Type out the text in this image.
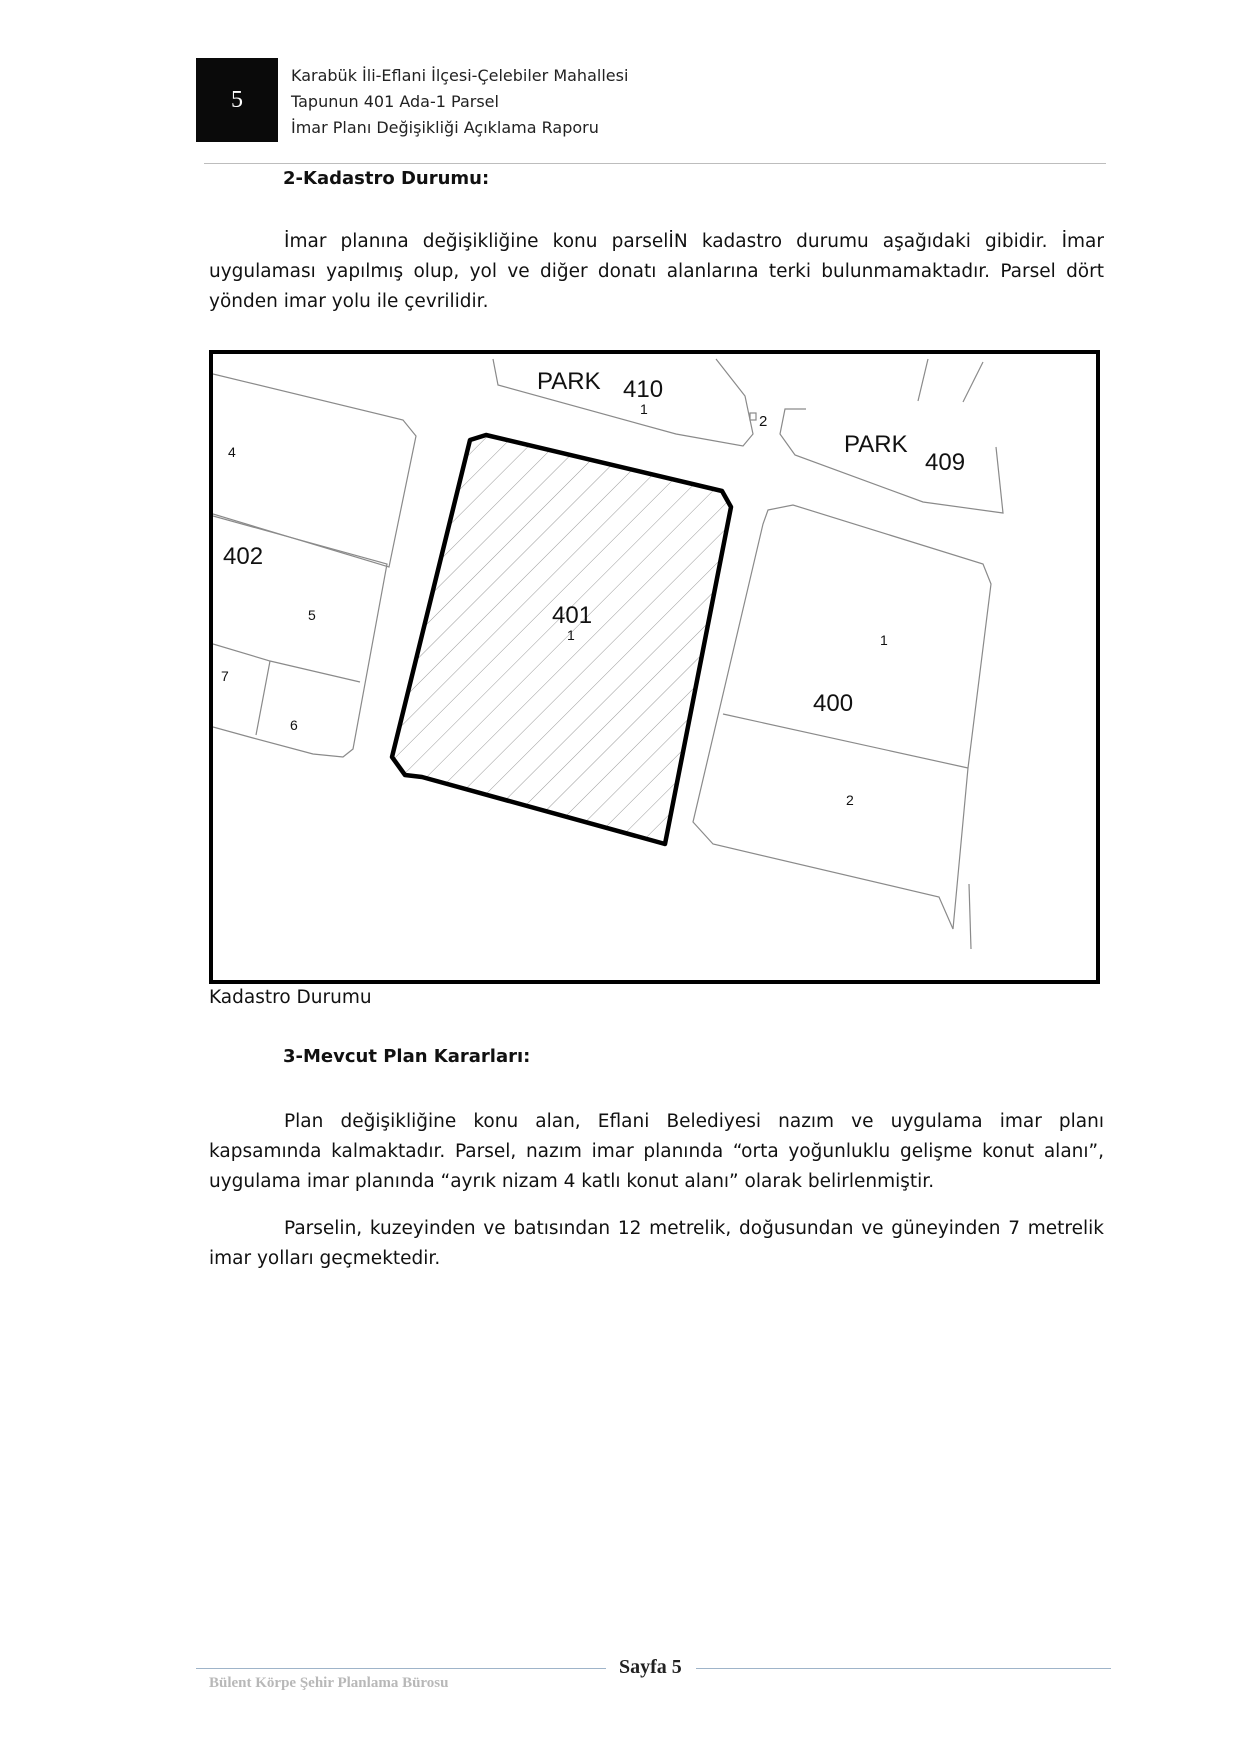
5
Karabük İli-Eflani İlçesi-Çelebiler Mahallesi
Tapunun 401 Ada-1 Parsel
İmar Planı Değişikliği Açıklama Raporu
2-Kadastro Durumu:

İmar planına değişikliğine konu parselİN kadastro durumu aşağıdaki gibidir. İmar uygulaması yapılmış olup, yol ve diğer donatı alanlarına terki bulunmamaktadır. Parsel dört yönden imar yolu ile çevrilidir.

PARK 410
1
2
PARK
409
4
402
5
7
6
401
1	1
400
2
Kadastro Durumu
3-Mevcut Plan Kararları:

Plan değişikliğine konu alan, Eflani Belediyesi nazım ve uygulama imar planı kapsamında kalmaktadır. Parsel, nazım imar planında “orta yoğunluklu gelişme konut alanı”, uygulama imar planında “ayrık nizam 4 katlı konut alanı” olarak belirlenmiştir.

Parselin, kuzeyinden ve batısından 12 metrelik, doğusundan ve güneyinden 7 metrelik imar yolları geçmektedir.

Sayfa 5
Bülent Körpe Şehir Planlama Bürosu
